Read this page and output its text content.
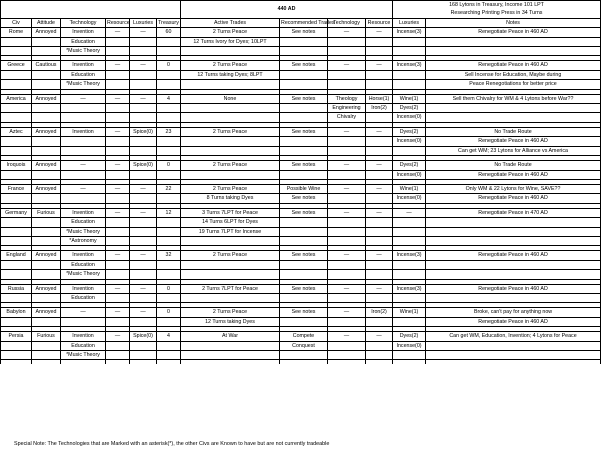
						440 AD				168 Lytons in Treasury, Income 101 LPT
Researching Printing Press in 34 Turns	

Civ	Attitude	Technology	Resource	Luxuries	Treasury	Active Trades	Recommended Trades	Technology	Resource	Luxuries	Notes
Rome	Annoyed	Invention	—	—	60	2 Turns Peace	See notes	—	—	Incense(3)	Renegotiate Peace in 460 AD
		Education				12 Turns Ivory for Dyes; 10LPT					
		*Music Theory									

Greece	Cautious	Invention	—	—	0	2 Turns Peace	See notes	—	—	Incense(3)	Renegotiate Peace in 460 AD
		Education				12 Turns taking Dyes; 8LPT					Sell Incense for Education, Maybe during
		*Music Theory									Peace Renegotiations for better price

America	Annoyed	—	—	—	4	None	See notes	Theology	Horse(1)	Wine(1)	Sell them Chivalry for WM & 4 Lytons before War??
								Engineering	Iron(2)	Dyes(2)	
								Chivalry		Incense(0)	

Aztec	Annoyed	Invention	—	Spice(0)	23	2 Turns Peace	See notes	—	—	Dyes(2)	No Trade Route
										Incense(0)	Renegotiate Peace in 460 AD
											Can get WM; 23 Lytons for Alliance vs America

Iroquois	Annoyed	—	—	Spice(0)	0	2 Turns Peace	See notes	—	—	Dyes(2)	No Trade Route
										Incense(0)	Renegotiate Peace in 460 AD

France	Annoyed	—	—	—	22	2 Turns Peace	Possible Wine	—	—	Wine(1)	Only WM & 22 Lytons for Wine, SAVE??
						8 Turns taking Dyes	See notes			Incense(0)	Renegotiate Peace in 460 AD

Germany	Furious	Invention	—	—	12	3 Turns 7LPT for Peace	See notes	—	—	—	Renegotiate Peace in 470 AD
		Education				14 Turns 6LPT for Dyes					
		*Music Theory				19 Turns 7LPT for Incense					
		*Astronomy									

England	Annoyed	Invention	—	—	32	2 Turns Peace	See notes	—	—	Incense(3)	Renegotiate Peace in 460 AD
		Education									
		*Music Theory									

Russia	Annoyed	Invention	—	—	0	2 Turns 7LPT for Peace	See notes	—	—	Incense(3)	Renegotiate Peace in 460 AD
		Education									

Babylon	Annoyed	—	—	—	0	2 Turns Peace	See notes	—	Iron(2)	Wine(1)	Broke, can't pay for anything now
						12 Turns taking Dyes					Renegotiate Peace in 460 AD

Persia	Furious	Invention	—	Spice(0)	4	At War	Compete	—	—	Dyes(2)	Can get WM, Education, Invention; 4 Lytons for Peace
		Education					Conquest			Incense(0)	
		*Music Theory									

Special Note: The Technologies that are Marked with an asterisk(*), the other Civs are Known to have but are not currently tradeable
